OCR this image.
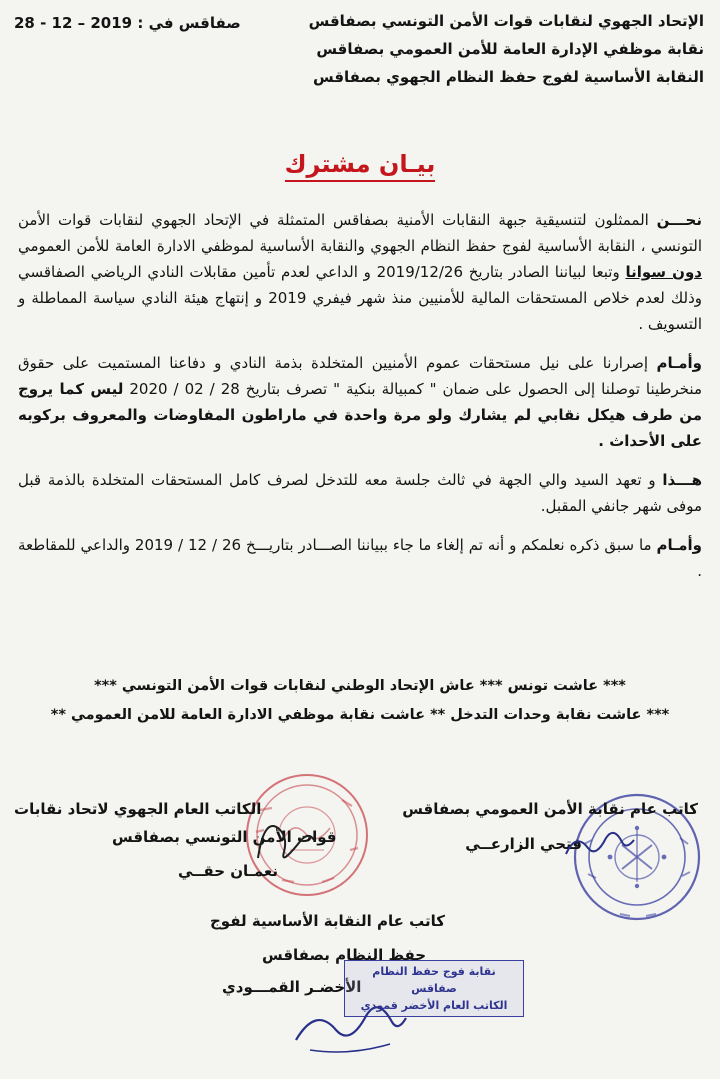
الإتحاد الجهوي لنقابات قوات الأمن التونسي بصفاقس
نقابة موظفي الإدارة العامة للأمن العمومي بصفاقس
النقابة الأساسية لفوج حفظ النظام الجهوي بصفاقس
28 - 12 – 2019 صفاقس في :
بيـان مشترك

نحـــن الممثلون لتنسيقية جبهة النقابات الأمنية بصفاقس المتمثلة في الإتحاد الجهوي لنقابات قوات الأمن التونسي ، النقابة الأساسية لفوج حفظ النظام الجهوي والنقابة الأساسية لموظفي الادارة العامة للأمن العمومي دون سوانا وتبعا لبياننا الصادر بتاريخ 2019/12/26 و الداعي لعدم تأمين مقابلات النادي الرياضي الصفاقسي وذلك لعدم خلاص المستحقات المالية للأمنيين منذ شهر فيفري 2019 و إنتهاج هيئة النادي سياسة المماطلة و التسويف .

وأمـام إصرارنا على نيل مستحقات عموم الأمنيين المتخلدة بذمة النادي و دفاعنا المستميت على حقوق منخرطينا توصلنا إلى الحصول على ضمان " كمبيالة بنكية " تصرف بتاريخ 28 / 02 / 2020 ليس كما يروج من طرف هيكل نقابي لم يشارك ولو مرة واحدة في ماراطون المفاوضات والمعروف بركوبه على الأحداث .

هـــذا و تعهد السيد والي الجهة في ثالث جلسة معه للتدخل لصرف كامل المستحقات المتخلدة بالذمة قبل موفى شهر جانفي المقبل.

وأمـام ما سبق ذكره نعلمكم و أنه تم إلغاء ما جاء ببياننا الصـــادر بتاريـــخ 26 / 12 / 2019 والداعي للمقاطعة .

*** عاشت تونس *** عاش الإتحاد الوطني لنقابات قوات الأمن التونسي ***
*** عاشت نقابة وحدات التدخل ** عاشت نقابة موظفي الادارة العامة للامن العمومي **
كاتب عام نقابة الأمن العمومي بصفاقس
فتحي الزارعــي
الكاتب العام الجهوي لاتحاد نقابات
قوات الأمن التونسي بصفاقس
نعمـان حقــي
كاتب عام النقابة الأساسية لفوج
حفظ النظام بصفاقس
الأخضـر القمـــودي
نقابة فوج حفظ النظام
صفاقس
الكاتب العام الأخضر قمودي
